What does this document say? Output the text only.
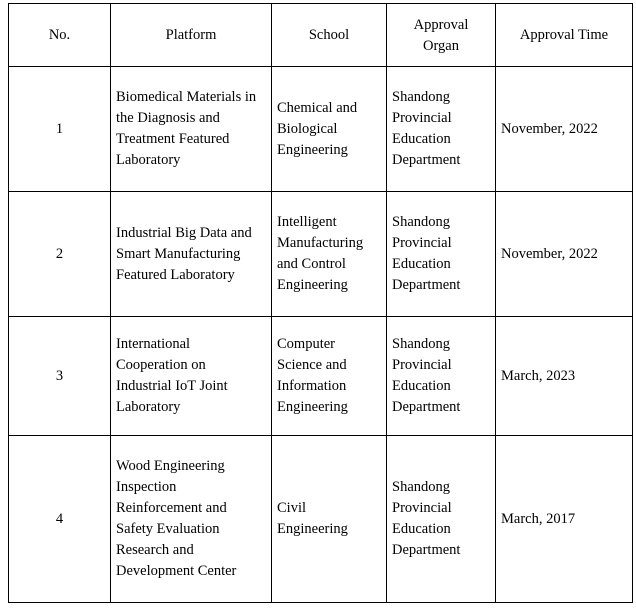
No.	Platform	School	Approval Organ	Approval Time
1	Biomedical Materials in the Diagnosis and Treatment Featured Laboratory	Chemical and Biological Engineering	Shandong Provincial Education Department	November, 2022
2	Industrial Big Data and Smart Manufacturing Featured Laboratory	Intelligent Manufacturing and Control Engineering	Shandong Provincial Education Department	November, 2022
3	International Cooperation on Industrial IoT Joint Laboratory	Computer Science and Information Engineering	Shandong Provincial Education Department	March, 2023
4	Wood Engineering Inspection Reinforcement and Safety Evaluation Research and Development Center	Civil Engineering	Shandong Provincial Education Department	March, 2017
